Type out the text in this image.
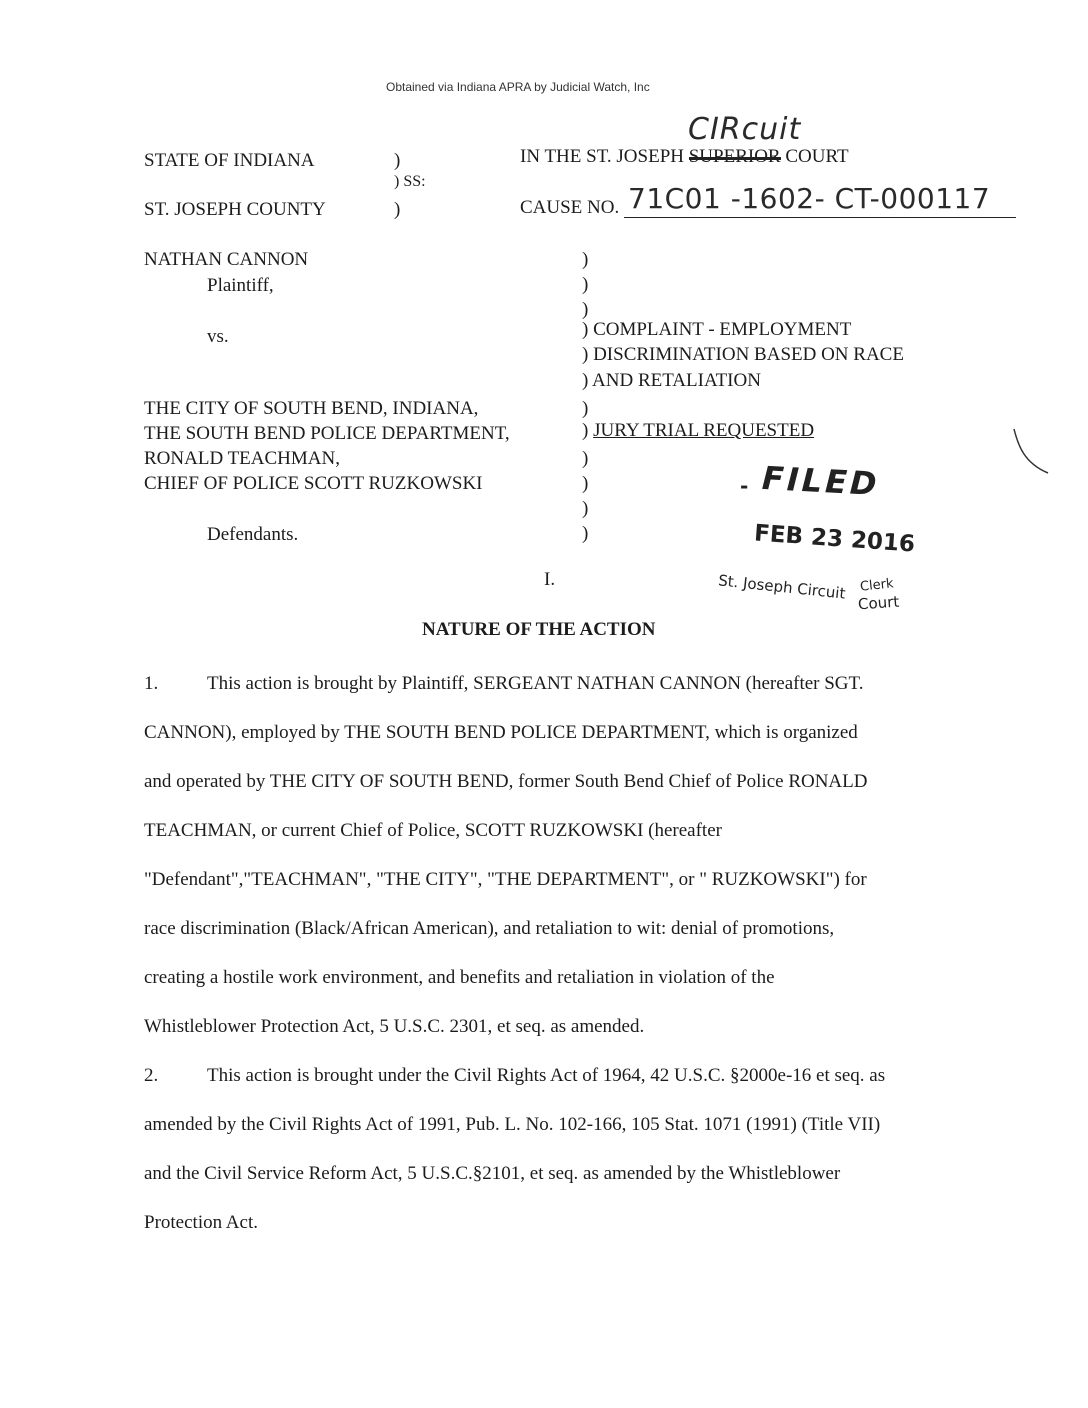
Obtained via Indiana APRA by Judicial Watch, Inc
STATE OF INDIANA
ST. JOSEPH COUNTY
)
) SS:
)
CIRcuit
IN THE ST. JOSEPH SUPERIOR COURT
CAUSE NO. 71C01 -1602- CT-000117
NATHAN CANNON
Plaintiff,
vs.
THE CITY OF SOUTH BEND, INDIANA,
THE SOUTH BEND POLICE DEPARTMENT,
RONALD TEACHMAN,
CHIEF OF POLICE SCOTT RUZKOWSKI
Defendants.
)
)
)
)
)
)
)
)
) COMPLAINT - EMPLOYMENT
) DISCRIMINATION BASED ON RACE
) AND RETALIATION
) JURY TRIAL REQUESTED
- FILED
FEB 23 2016
Clerk
St. Joseph Circuit
Court
I.
NATURE OF THE ACTION
1.	This action is brought by Plaintiff, SERGEANT NATHAN CANNON (hereafter SGT.
CANNON), employed by THE SOUTH BEND POLICE DEPARTMENT, which is organized
and operated by THE CITY OF SOUTH BEND, former South Bend Chief of Police RONALD
TEACHMAN, or current Chief of Police, SCOTT RUZKOWSKI (hereafter
"Defendant","TEACHMAN", "THE CITY", "THE DEPARTMENT", or " RUZKOWSKI") for
race discrimination (Black/African American), and retaliation to wit: denial of promotions,
creating a hostile work environment, and benefits and retaliation in violation of the
Whistleblower Protection Act, 5 U.S.C. 2301, et seq. as amended.
2.	This action is brought under the Civil Rights Act of 1964, 42 U.S.C. §2000e-16 et seq. as
amended by the Civil Rights Act of 1991, Pub. L. No. 102-166, 105 Stat. 1071 (1991) (Title VII)
and the Civil Service Reform Act, 5 U.S.C.§2101, et seq. as amended by the Whistleblower
Protection Act.
